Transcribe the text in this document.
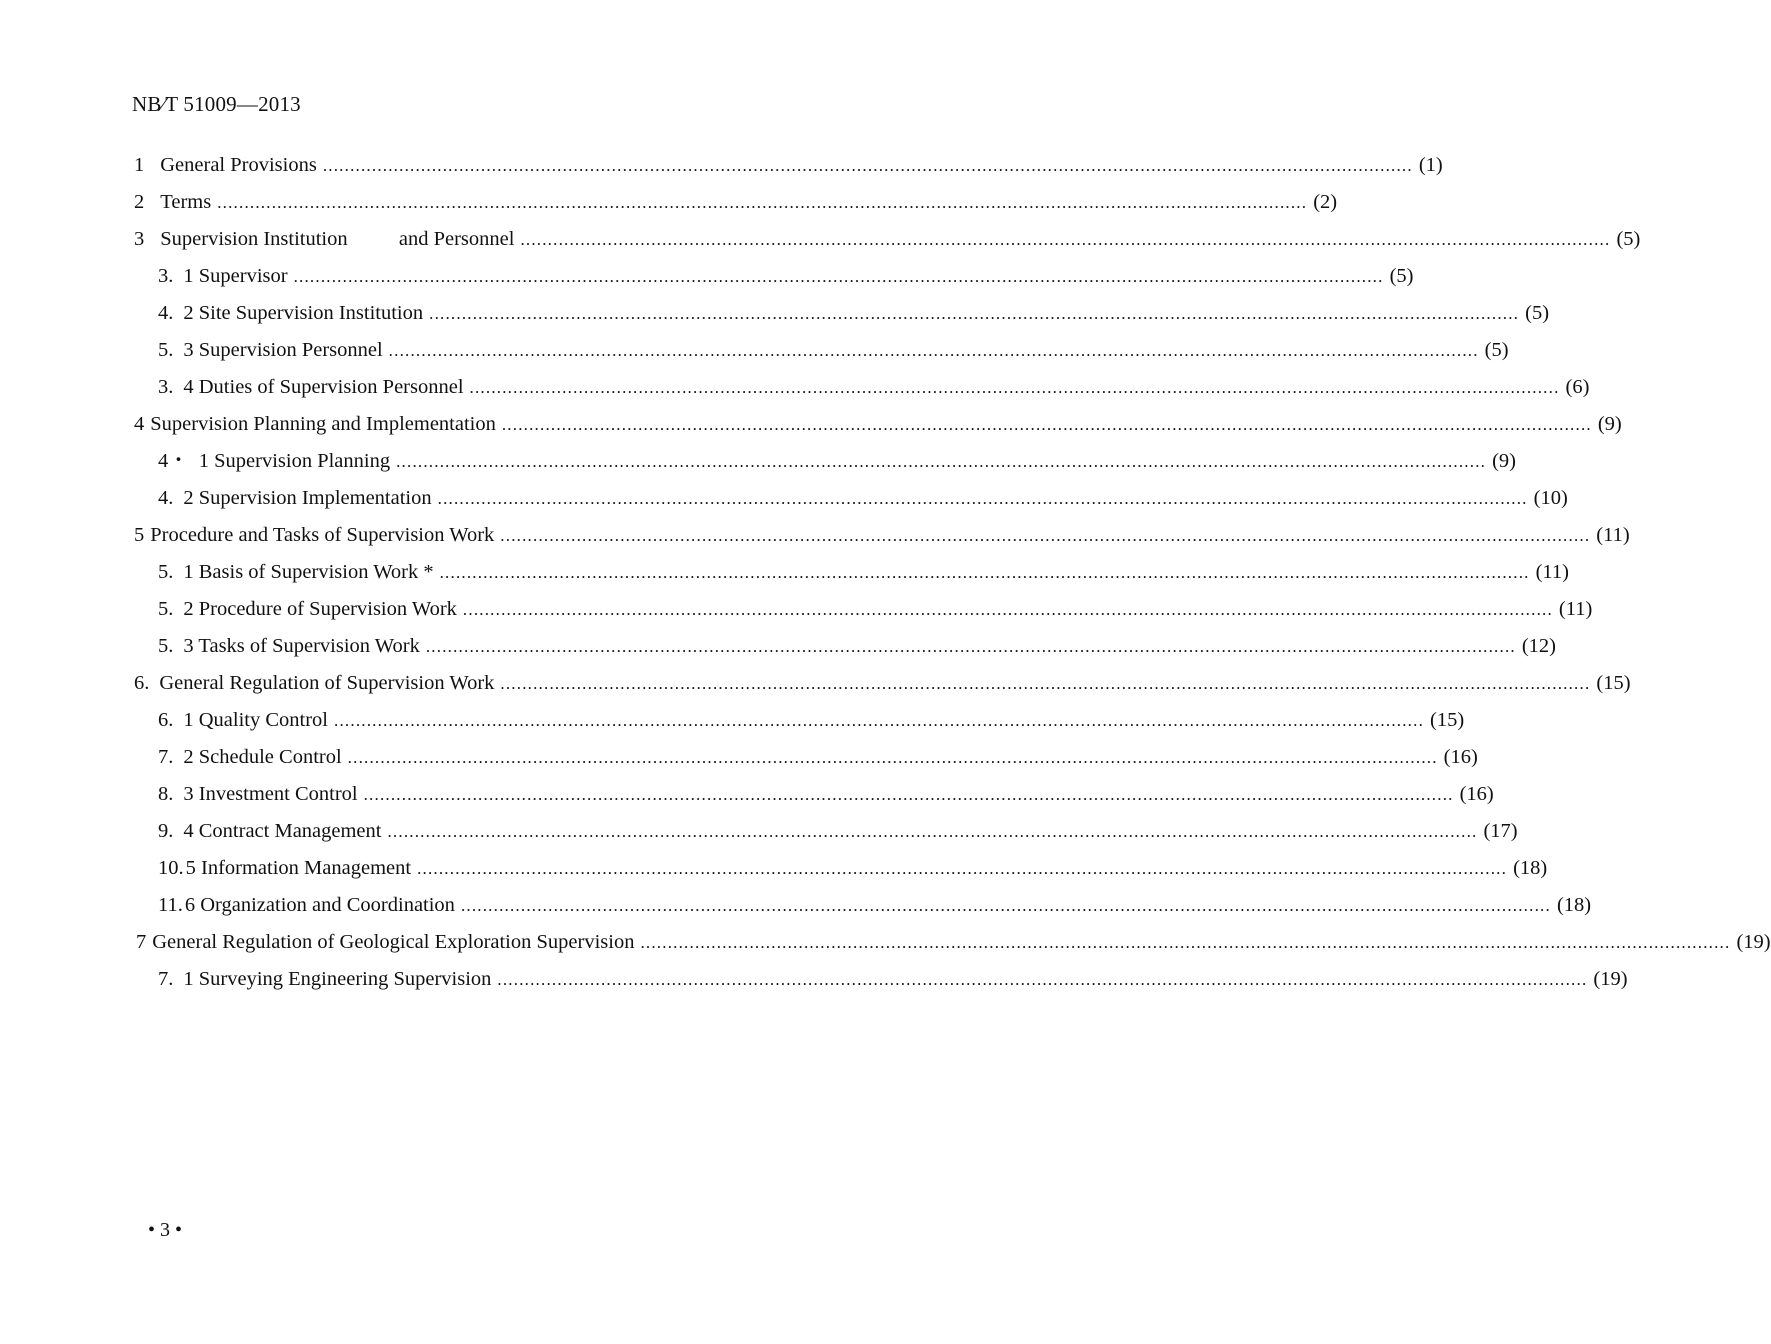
NB∕T 51009—2013
1 General Provisions ........................................................................................................................................................................................................ (1)
2 Terms ........................................................................................................................................................................................................ (2)
3 Supervision Institution          and Personnel ........................................................................................................................................................................................................ (5)
3. 1 Supervisor ........................................................................................................................................................................................................ (5)
4. 2 Site Supervision Institution ........................................................................................................................................................................................................ (5)
5. 3 Supervision Personnel ........................................................................................................................................................................................................ (5)
3. 4 Duties of Supervision Personnel ........................................................................................................................................................................................................ (6)
4 Supervision Planning and Implementation ........................................................................................................................................................................................................ (9)
4・ 1 Supervision Planning ........................................................................................................................................................................................................ (9)
4. 2 Supervision Implementation ........................................................................................................................................................................................................ (10)
5 Procedure and Tasks of Supervision Work ........................................................................................................................................................................................................ (11)
5. 1 Basis of Supervision Work * ........................................................................................................................................................................................................ (11)
5. 2 Procedure of Supervision Work ........................................................................................................................................................................................................ (11)
5. 3 Tasks of Supervision Work ........................................................................................................................................................................................................ (12)
6. General Regulation of Supervision Work ........................................................................................................................................................................................................ (15)
6. 1 Quality Control ........................................................................................................................................................................................................ (15)
7. 2 Schedule Control ........................................................................................................................................................................................................ (16)
8. 3 Investment Control ........................................................................................................................................................................................................ (16)
9. 4 Contract Management ........................................................................................................................................................................................................ (17)
10. 5 Information Management ........................................................................................................................................................................................................ (18)
11. 6 Organization and Coordination ........................................................................................................................................................................................................ (18)
7 General Regulation of Geological Exploration Supervision ........................................................................................................................................................................................................ (19)
7. 1 Surveying Engineering Supervision ........................................................................................................................................................................................................ (19)
• 3 •
